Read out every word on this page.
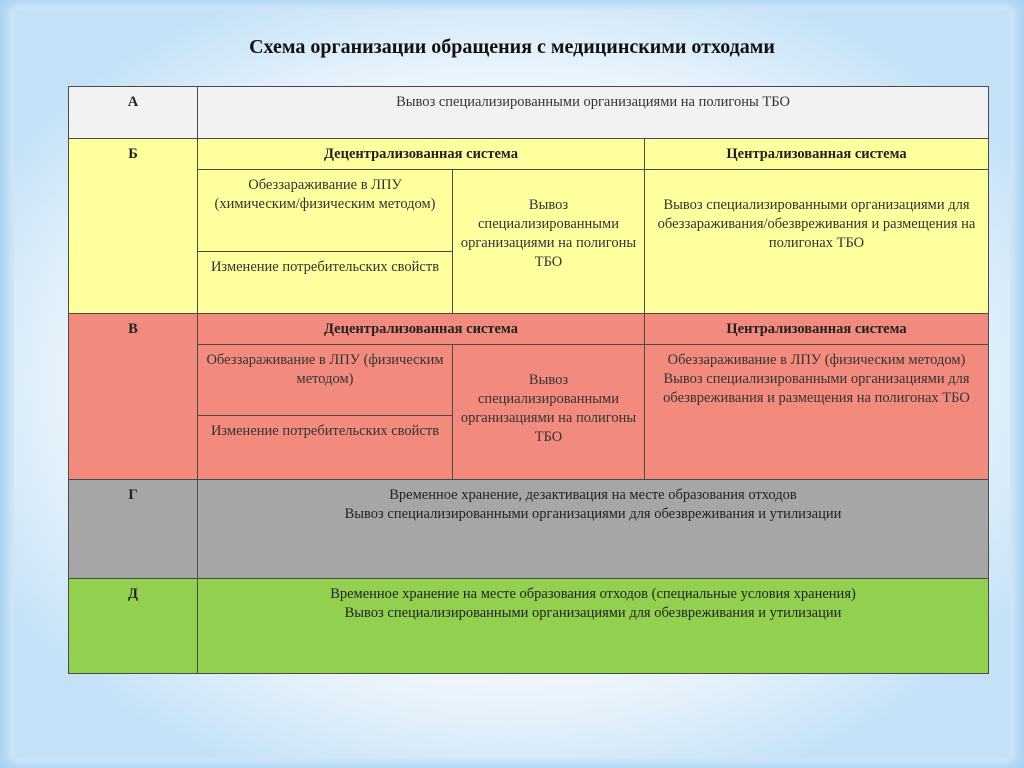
Схема организации обращения с медицинскими отходами
А	Вывоз специализированными организациями на полигоны ТБО		
Б	Децентрализованная система		Централизованная система
	Обеззараживание в ЛПУ (химическим/физическим методом)	Вывоз специализированными организациями на полигоны ТБО	Вывоз специализированными организациями для обеззараживания/обезвреживания и размещения на полигонах ТБО
	Изменение потребительских свойств		
В	Децентрализованная система		Централизованная система
	Обеззараживание в ЛПУ (физическим методом)	Вывоз специализированными организациями на полигоны ТБО	Обеззараживание в ЛПУ (физическим методом)
Вывоз специализированными организациями для обезвреживания и размещения на полигонах ТБО

	Изменение потребительских свойств		
Г	Временное хранение, дезактивация на месте образования отходов
Вывоз специализированными организациями для обезвреживания и утилизации		

Д	Временное хранение на месте образования отходов (специальные условия хранения)
Вывоз специализированными организациями для обезвреживания и утилизации		
